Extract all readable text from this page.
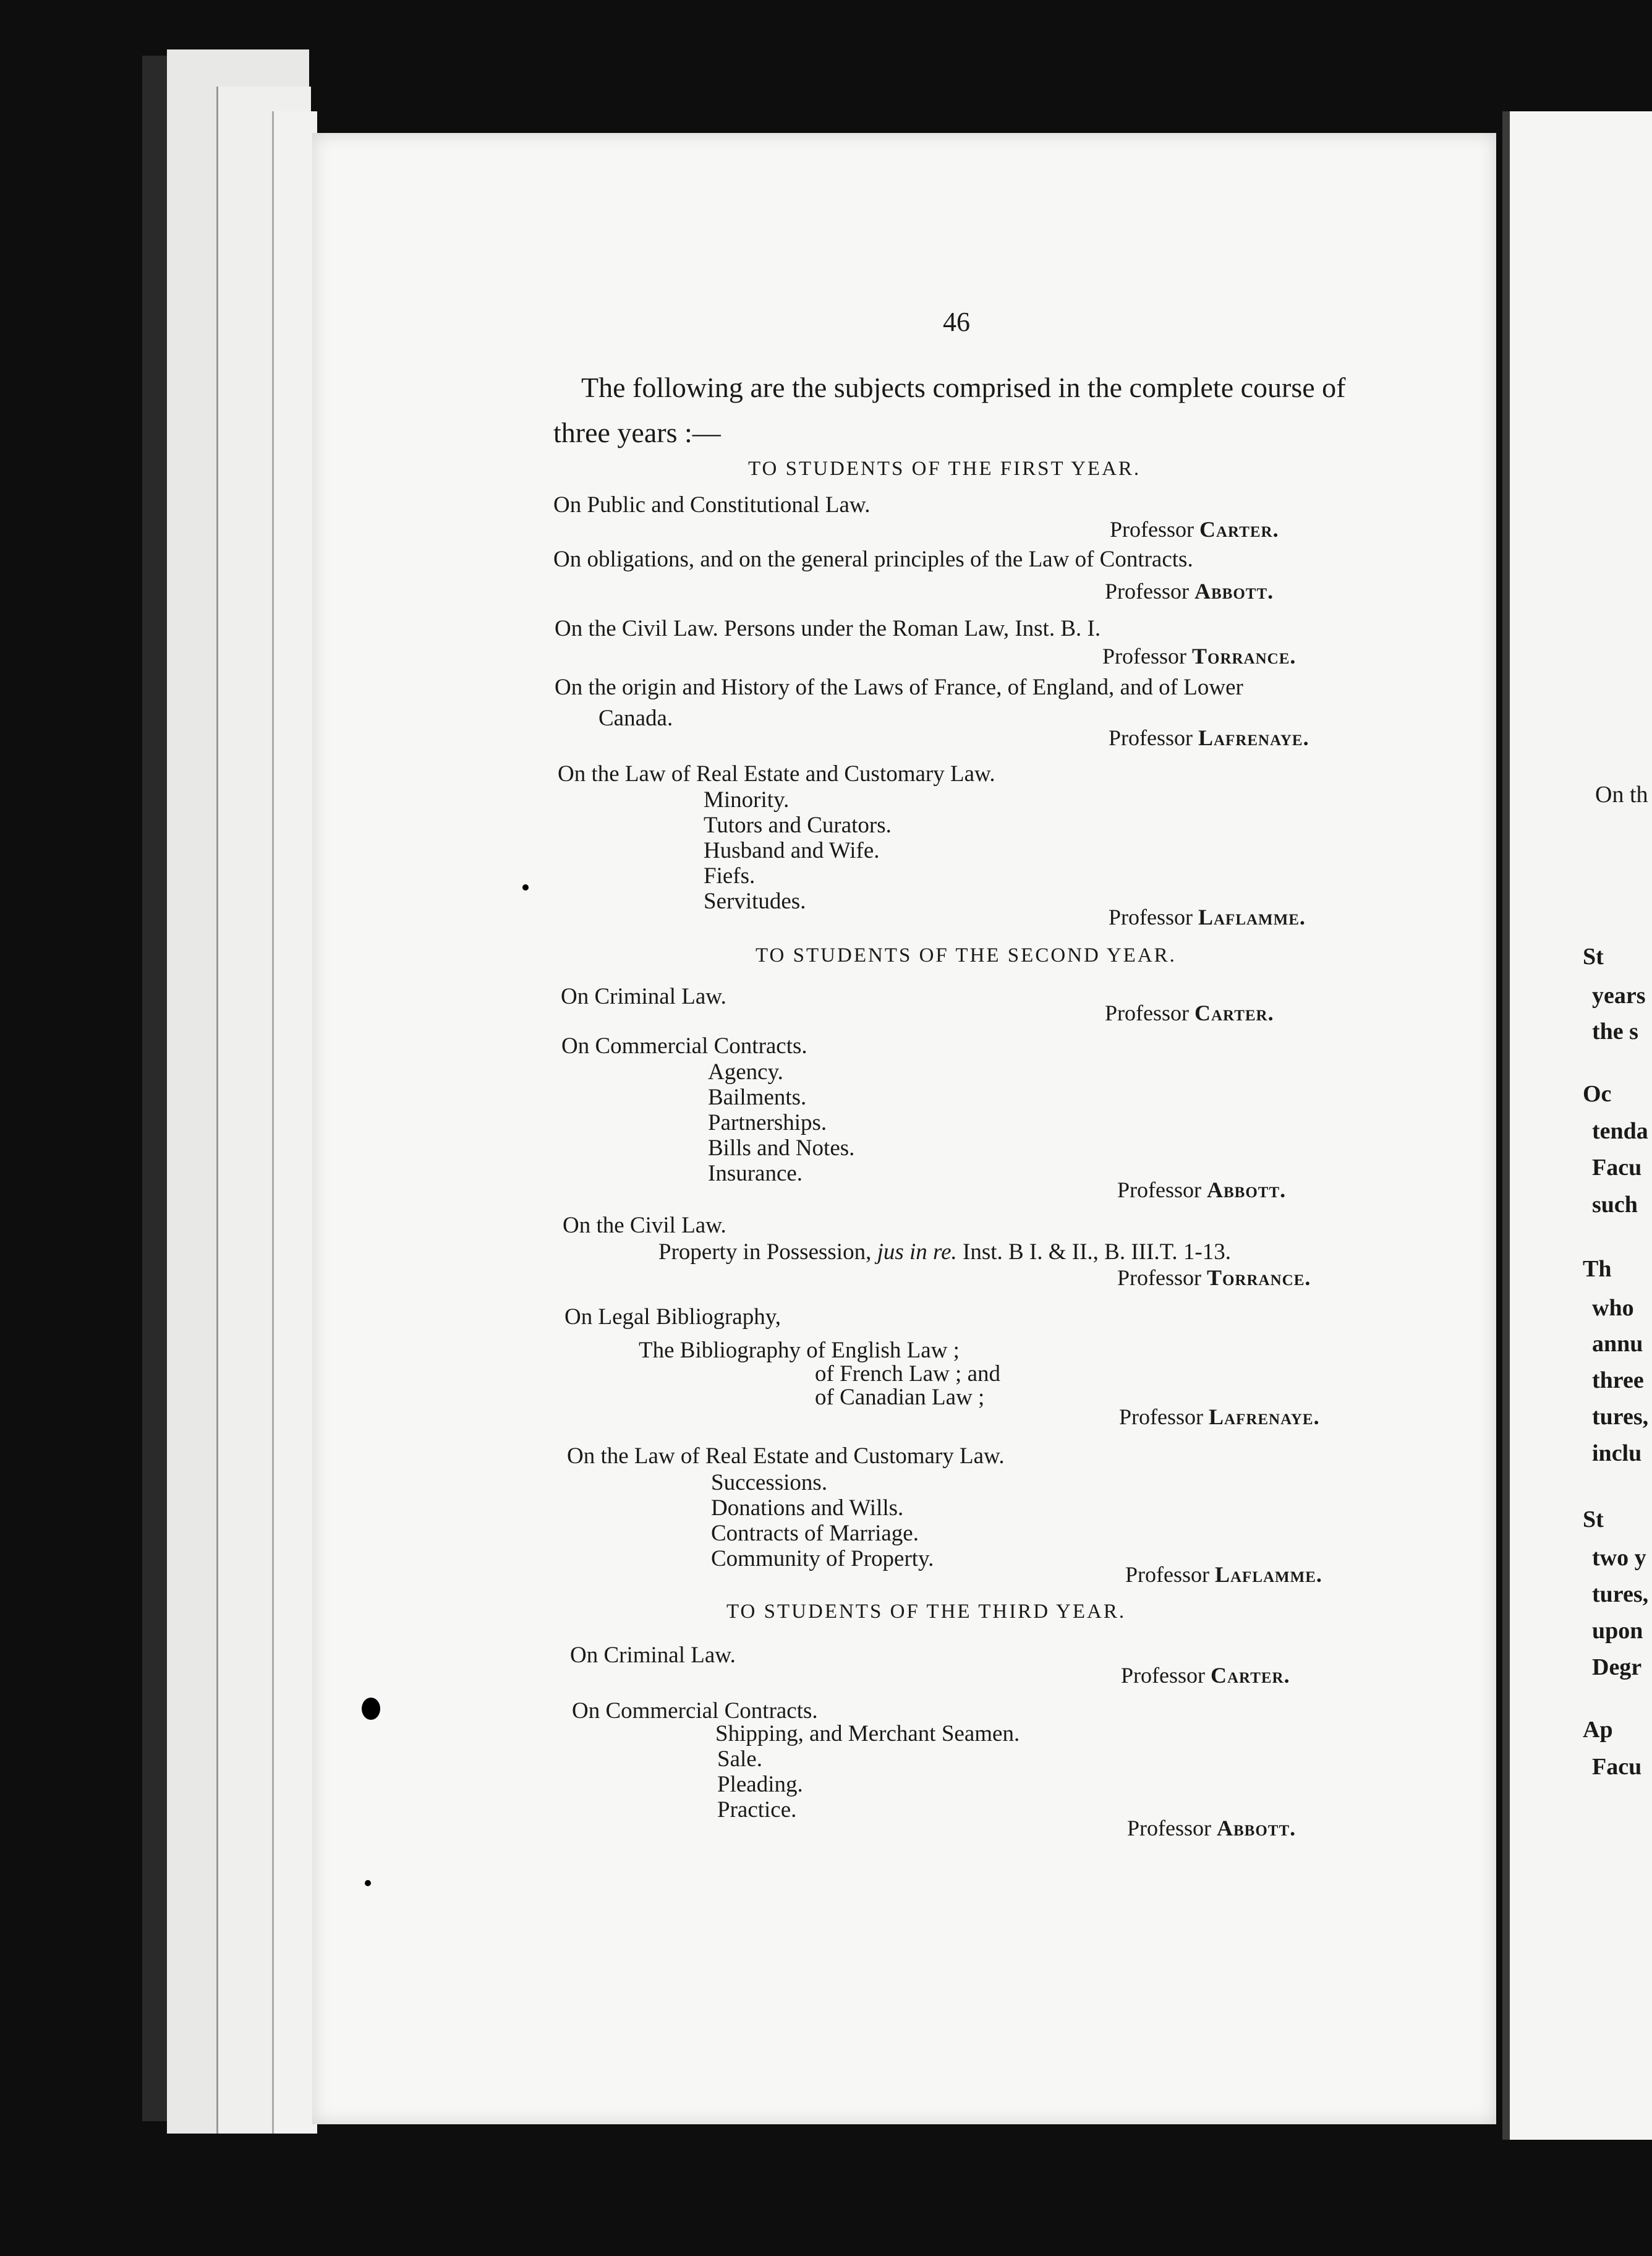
46
The following are the subjects comprised in the complete course of
three years :—
TO STUDENTS OF THE FIRST YEAR.
On Public and Constitutional Law.
Professor Carter.
On obligations, and on the general principles of the Law of Contracts.
Professor Abbott.
On the Civil Law. Persons under the Roman Law, Inst. B. I.
Professor Torrance.
On the origin and History of the Laws of France, of England, and of Lower
Canada.
Professor Lafrenaye.
On the Law of Real Estate and Customary Law.
Minority.
Tutors and Curators.
Husband and Wife.
Fiefs.
Servitudes.
Professor Laflamme.
TO STUDENTS OF THE SECOND YEAR.
On Criminal Law.
Professor Carter.
On Commercial Contracts.
Agency.
Bailments.
Partnerships.
Bills and Notes.
Insurance.
Professor Abbott.
On the Civil Law.
Property in Possession, jus in re. Inst. B I. & II., B. III.T. 1-13.
Professor Torrance.
On Legal Bibliography,
The Bibliography of English Law ;
of French Law ; and
of Canadian Law ;
Professor Lafrenaye.
On the Law of Real Estate and Customary Law.
Successions.
Donations and Wills.
Contracts of Marriage.
Community of Property.
Professor Laflamme.
TO STUDENTS OF THE THIRD YEAR.
On Criminal Law.
Professor Carter.
On Commercial Contracts.
Shipping, and Merchant Seamen.
Sale.
Pleading.
Practice.
Professor Abbott.
On th
St
years
the s
Oc
tenda
Facu
such
Th
who
annu
three
tures,
inclu
St
two y
tures,
upon
Degr
Ap
Facu
